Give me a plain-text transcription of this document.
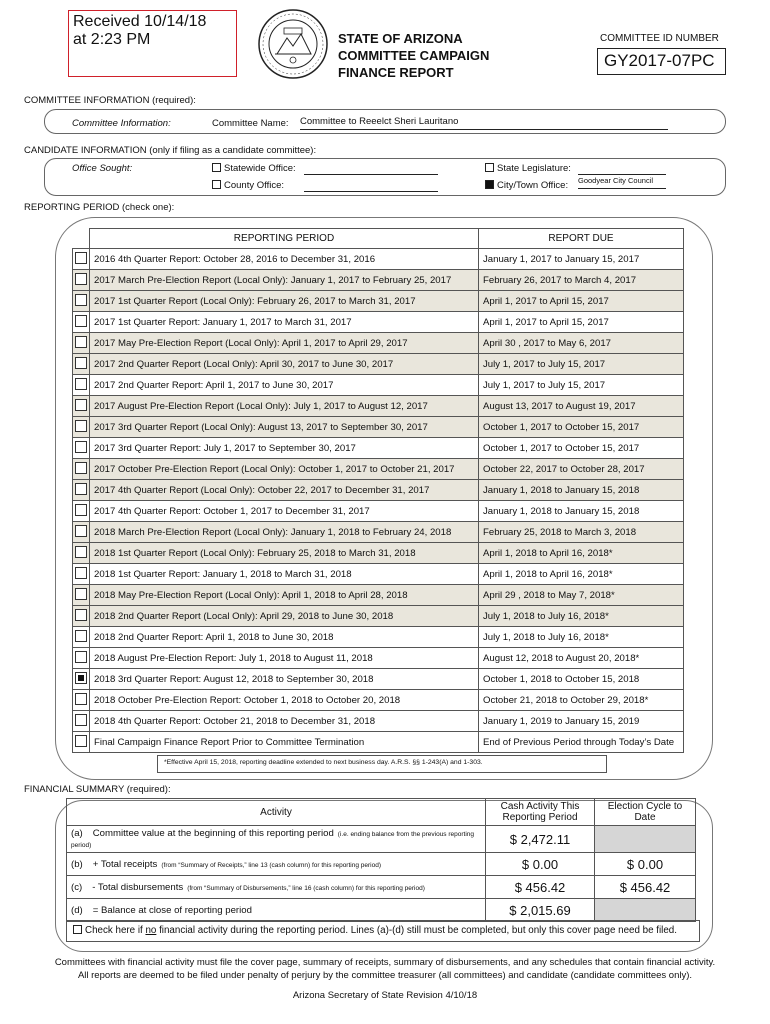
Received 10/14/18
at 2:23 PM	STATE OF ARIZONA
COMMITTEE CAMPAIGN
FINANCE REPORT
COMMITTEE ID NUMBER
GY2017-07PC
COMMITTEE INFORMATION (required):
Committee Information:	Committee Name: Committee to Reeelct Sheri Lauritano
CANDIDATE INFORMATION (only if filing as a candidate committee):
Office Sought:	Statewide Office:
County Office:
State Legislature:
City/Town Office: Goodyear City Council
REPORTING PERIOD (check one):
	REPORTING PERIOD	REPORT DUE
	2016 4th Quarter Report: October 28, 2016 to December 31, 2016	January 1, 2017 to January 15, 2017
	2017 March Pre-Election Report (Local Only): January 1, 2017 to February 25, 2017	February 26, 2017 to March 4, 2017
	2017 1st Quarter Report (Local Only): February 26, 2017 to March 31, 2017	April 1, 2017 to April 15, 2017
	2017 1st Quarter Report: January 1, 2017 to March 31, 2017	April 1, 2017 to April 15, 2017
	2017 May Pre-Election Report (Local Only): April 1, 2017 to April 29, 2017	April 30 , 2017 to May 6, 2017
	2017 2nd Quarter Report (Local Only): April 30, 2017 to June 30, 2017	July 1, 2017 to July 15, 2017
	2017 2nd Quarter Report: April 1, 2017 to June 30, 2017	July 1, 2017 to July 15, 2017
	2017 August Pre-Election Report (Local Only): July 1, 2017 to August 12, 2017	August 13, 2017 to August 19, 2017
	2017 3rd Quarter Report (Local Only): August 13, 2017 to September 30, 2017	October 1, 2017 to October 15, 2017
	2017 3rd Quarter Report: July 1, 2017 to September 30, 2017	October 1, 2017 to October 15, 2017
	2017 October Pre-Election Report (Local Only): October 1, 2017 to October 21, 2017	October 22, 2017 to October 28, 2017
	2017 4th Quarter Report (Local Only): October 22, 2017 to December 31, 2017	January 1, 2018 to January 15, 2018
	2017 4th Quarter Report: October 1, 2017 to December 31, 2017	January 1, 2018 to January 15, 2018
	2018 March Pre-Election Report (Local Only): January 1, 2018 to February 24, 2018	February 25, 2018 to March 3, 2018
	2018 1st Quarter Report (Local Only): February 25, 2018 to March 31, 2018	April 1, 2018 to April 16, 2018*
	2018 1st Quarter Report: January 1, 2018 to March 31, 2018	April 1, 2018 to April 16, 2018*
	2018 May Pre-Election Report (Local Only): April 1, 2018 to April 28, 2018	April 29 , 2018 to May 7, 2018*
	2018 2nd Quarter Report (Local Only): April 29, 2018 to June 30, 2018	July 1, 2018 to July 16, 2018*
	2018 2nd Quarter Report: April 1, 2018 to June 30, 2018	July 1, 2018 to July 16, 2018*
	2018 August Pre-Election Report: July 1, 2018 to August 11, 2018	August 12, 2018 to August 20, 2018*
	2018 3rd Quarter Report: August 12, 2018 to September 30, 2018	October 1, 2018 to October 15, 2018
	2018 October Pre-Election Report: October 1, 2018 to October 20, 2018	October 21, 2018 to October 29, 2018*
	2018 4th Quarter Report: October 21, 2018 to December 31, 2018	January 1, 2019 to January 15, 2019
	Final Campaign Finance Report Prior to Committee Termination	End of Previous Period through Today’s Date
*Effective April 15, 2018, reporting deadline extended to next business day. A.R.S. §§ 1-243(A) and 1-303.
FINANCIAL SUMMARY (required):
Activity	Cash Activity This Reporting Period	Election Cycle to Date
(a) Committee value at the beginning of this reporting period (i.e. ending balance from the previous reporting period)	$ 2,472.11	
(b) + Total receipts (from “Summary of Receipts,” line 13 (cash column) for this reporting period)	$ 0.00	$ 0.00
(c) - Total disbursements (from “Summary of Disbursements,” line 16 (cash column) for this reporting period)	$ 456.42	$ 456.42
(d) = Balance at close of reporting period	$ 2,015.69	
Check here if no financial activity during the reporting period. Lines (a)-(d) still must be completed, but only this cover page need be filed.
Committees with financial activity must file the cover page, summary of receipts, summary of disbursements, and any schedules that contain financial activity.
All reports are deemed to be filed under penalty of perjury by the committee treasurer (all committees) and candidate (candidate committees only).
Arizona Secretary of State Revision 4/10/18
